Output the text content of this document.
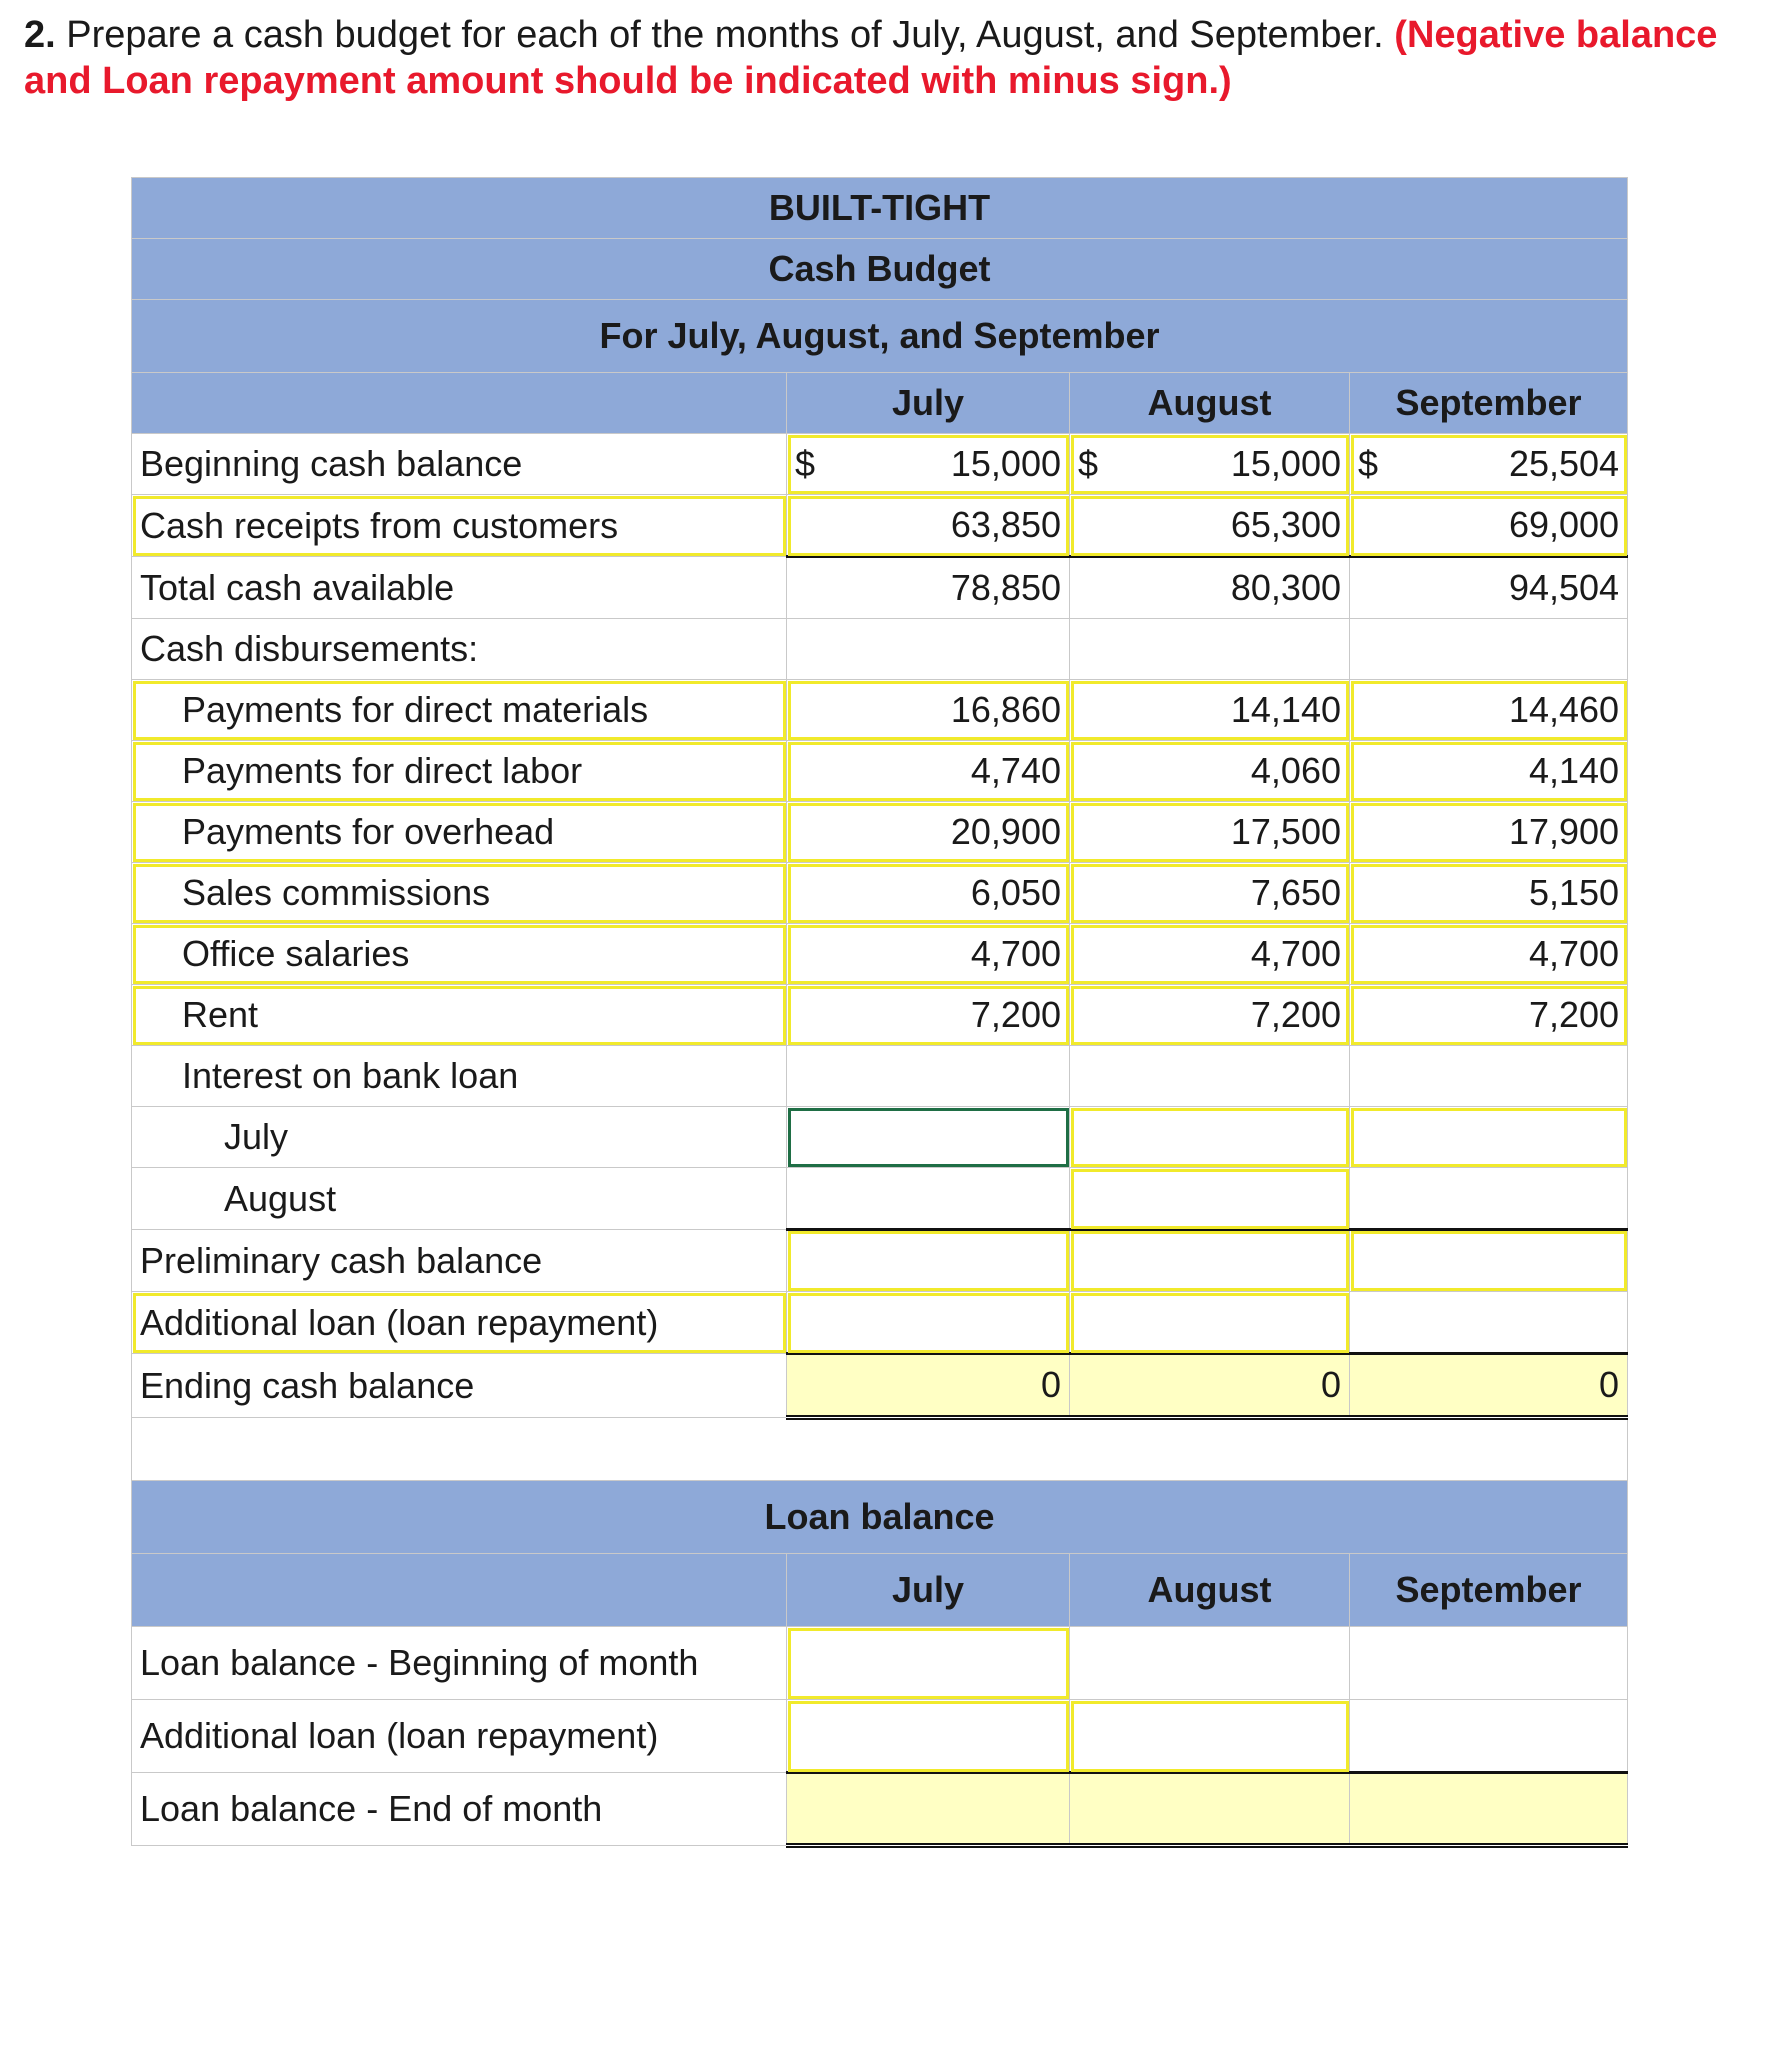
2. Prepare a cash budget for each of the months of July, August, and September. (Negative balance and Loan repayment amount should be indicated with minus sign.)
BUILT-TIGHT			
Cash Budget			
For July, August, and September			
	July	August	September
Beginning cash balance	$ 15,000	$ 15,000	$ 25,504
Cash receipts from customers	63,850	65,300	69,000
Total cash available	78,850	80,300	94,504
Cash disbursements:			
Payments for direct materials	16,860	14,140	14,460
Payments for direct labor	4,740	4,060	4,140
Payments for overhead	20,900	17,500	17,900
Sales commissions	6,050	7,650	5,150
Office salaries	4,700	4,700	4,700
Rent	7,200	7,200	7,200
Interest on bank loan			
July			
August			
Preliminary cash balance			
Additional loan (loan repayment)			
Ending cash balance	0	0	0

Loan balance			
	July	August	September
Loan balance - Beginning of month			
Additional loan (loan repayment)			
Loan balance - End of month			
